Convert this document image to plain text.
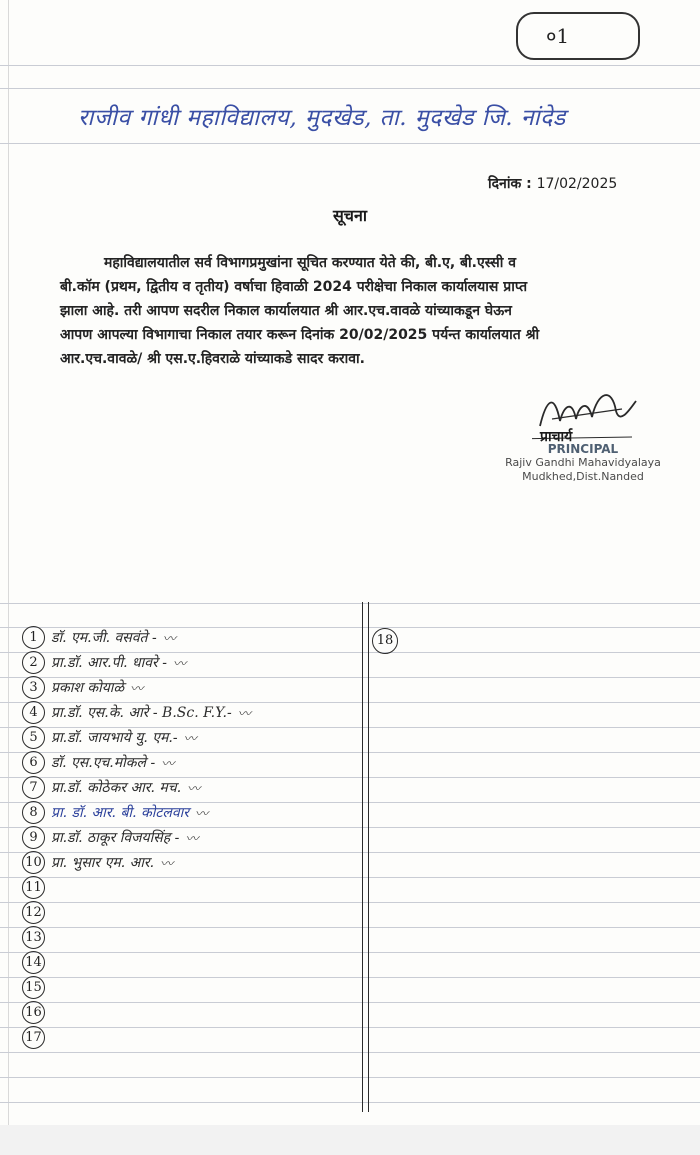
०1
राजीव गांधी महाविद्यालय, मुदखेड, ता. मुदखेड जि. नांदेड
दिनांक : 17/02/2025
सूचना
महाविद्यालयातील सर्व विभागप्रमुखांना सूचित करण्यात येते की, बी.ए, बी.एस्सी व
बी.कॉम (प्रथम, द्वितीय व तृतीय) वर्षाचा हिवाळी 2024 परीक्षेचा निकाल कार्यालयास प्राप्त
झाला आहे. तरी आपण सदरील निकाल कार्यालयात श्री आर.एच.वावळे यांच्याकडून घेऊन
आपण आपल्या विभागाचा निकाल तयार करून दिनांक 20/02/2025 पर्यन्त कार्यालयात श्री
आर.एच.वावळे/ श्री एस.ए.हिवराळे यांच्याकडे सादर करावा.
प्राचार्य
PRINCIPAL
Rajiv Gandhi Mahavidyalaya
Mudkhed,Dist.Nanded
18
1 डॉ. एम.जी. वसवंते - 〰
2 प्रा.डॉ. आर.पी. धावरे - 〰
3 प्रकाश कोयाळे 〰
4 प्रा.डॉ. एस.के. आरे - B.Sc. F.Y.- 〰
5 प्रा.डॉ. जायभाये यु. एम.- 〰
6 डॉ. एस.एच.मोकले - 〰
7 प्रा.डॉ. कोठेकर आर. मच. 〰
8 प्रा. डॉ. आर. बी. कोटलवार 〰
9 प्रा.डॉ. ठाकूर विजयसिंह - 〰
10 प्रा. भुसार एम. आर. 〰
11
12
13
14
15
16
17
